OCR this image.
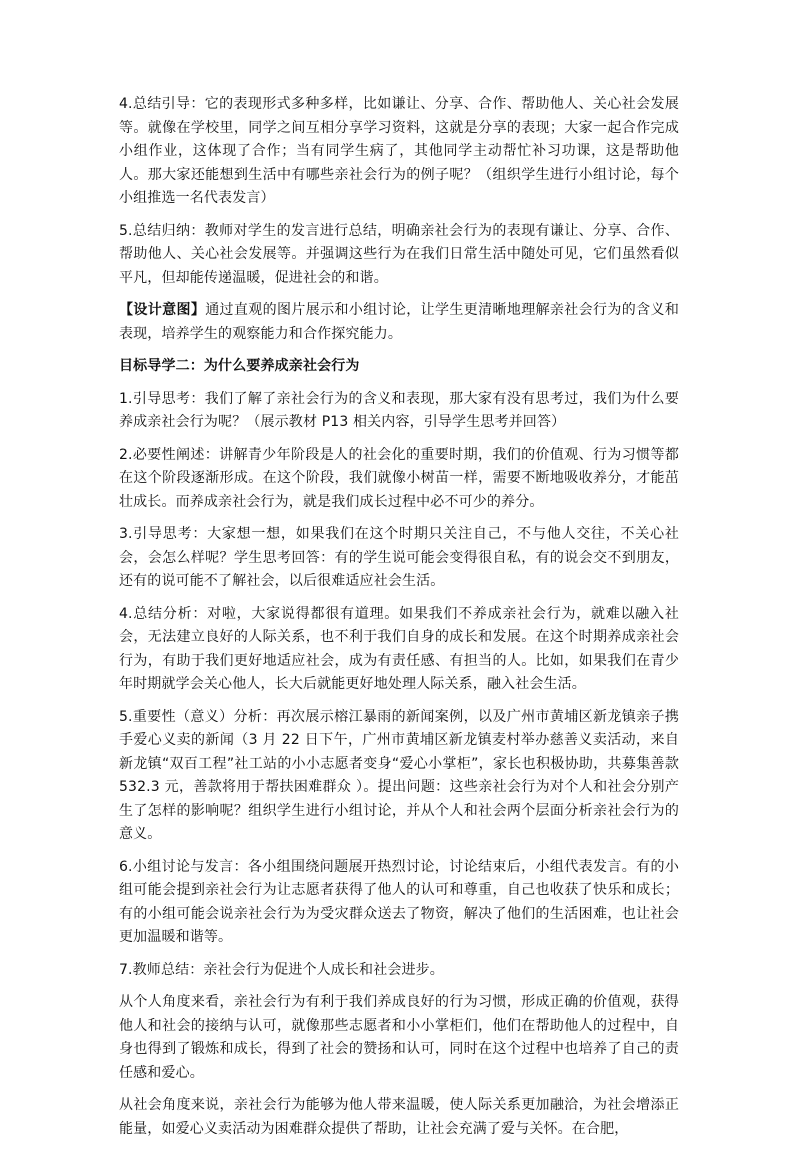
4.总结引导：它的表现形式多种多样，比如谦让、分享、合作、帮助他人、关心社会发展等。就像在学校里，同学之间互相分享学习资料，这就是分享的表现；大家一起合作完成小组作业，这体现了合作；当有同学生病了，其他同学主动帮忙补习功课，这是帮助他人。那大家还能想到生活中有哪些亲社会行为的例子呢？（组织学生进行小组讨论，每个小组推选一名代表发言）

5.总结归纳：教师对学生的发言进行总结，明确亲社会行为的表现有谦让、分享、合作、帮助他人、关心社会发展等。并强调这些行为在我们日常生活中随处可见，它们虽然看似平凡，但却能传递温暖，促进社会的和谐。

【设计意图】通过直观的图片展示和小组讨论，让学生更清晰地理解亲社会行为的含义和表现，培养学生的观察能力和合作探究能力。

目标导学二：为什么要养成亲社会行为

1.引导思考：我们了解了亲社会行为的含义和表现，那大家有没有思考过，我们为什么要养成亲社会行为呢？（展示教材 P13 相关内容，引导学生思考并回答）

2.必要性阐述：讲解青少年阶段是人的社会化的重要时期，我们的价值观、行为习惯等都在这个阶段逐渐形成。在这个阶段，我们就像小树苗一样，需要不断地吸收养分，才能茁壮成长。而养成亲社会行为，就是我们成长过程中必不可少的养分。

3.引导思考：大家想一想，如果我们在这个时期只关注自己，不与他人交往，不关心社会，会怎么样呢？学生思考回答：有的学生说可能会变得很自私，有的说会交不到朋友，还有的说可能不了解社会，以后很难适应社会生活。

4.总结分析：对啦，大家说得都很有道理。如果我们不养成亲社会行为，就难以融入社会，无法建立良好的人际关系，也不利于我们自身的成长和发展。在这个时期养成亲社会行为，有助于我们更好地适应社会，成为有责任感、有担当的人。比如，如果我们在青少年时期就学会关心他人，长大后就能更好地处理人际关系，融入社会生活。

5.重要性（意义）分析：再次展示榕江暴雨的新闻案例，以及广州市黄埔区新龙镇亲子携手爱心义卖的新闻（3 月 22 日下午，广州市黄埔区新龙镇麦村举办慈善义卖活动，来自新龙镇“双百工程”社工站的小小志愿者变身“爱心小掌柜”，家长也积极协助，共募集善款 532.3 元，善款将用于帮扶困难群众 ）。提出问题：这些亲社会行为对个人和社会分别产生了怎样的影响呢？组织学生进行小组讨论，并从个人和社会两个层面分析亲社会行为的意义。

6.小组讨论与发言：各小组围绕问题展开热烈讨论，讨论结束后，小组代表发言。有的小组可能会提到亲社会行为让志愿者获得了他人的认可和尊重，自己也收获了快乐和成长；有的小组可能会说亲社会行为为受灾群众送去了物资，解决了他们的生活困难，也让社会更加温暖和谐等。

7.教师总结：亲社会行为促进个人成长和社会进步。

从个人角度来看，亲社会行为有利于我们养成良好的行为习惯，形成正确的价值观，获得他人和社会的接纳与认可，就像那些志愿者和小小掌柜们，他们在帮助他人的过程中，自身也得到了锻炼和成长，得到了社会的赞扬和认可，同时在这个过程中也培养了自己的责任感和爱心。

从社会角度来说，亲社会行为能够为他人带来温暖，使人际关系更加融洽，为社会增添正能量，如爱心义卖活动为困难群众提供了帮助，让社会充满了爱与关怀。在合肥，
